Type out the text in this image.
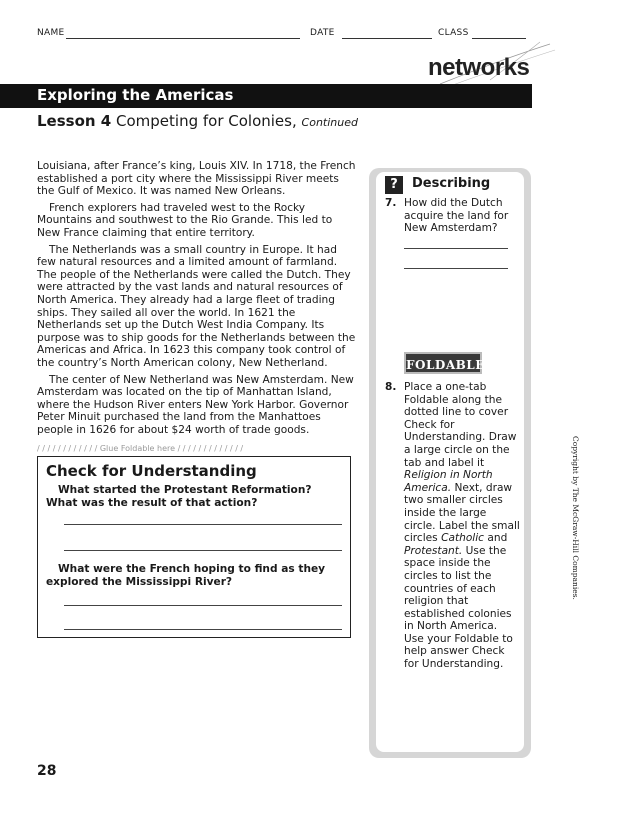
NAME	DATE	CLASS
networks
Exploring the Americas
Lesson 4 Competing for Colonies, Continued

Louisiana, after France’s king, Louis XIV. In 1718, the French established a port city where the Mississippi River meets the Gulf of Mexico. It was named New Orleans.

French explorers had traveled west to the Rocky Mountains and southwest to the Rio Grande. This led to New France claiming that entire territory.

The Netherlands was a small country in Europe. It had few natural resources and a limited amount of farmland. The people of the Netherlands were called the Dutch. They were attracted by the vast lands and natural resources of North America. They already had a large fleet of trading ships. They sailed all over the world. In 1621 the Netherlands set up the Dutch West India Company. Its purpose was to ship goods for the Netherlands between the Americas and Africa. In 1623 this company took control of the country’s North American colony, New Netherland.

The center of New Netherland was New Amsterdam. New Amsterdam was located on the tip of Manhattan Island, where the Hudson River enters New York Harbor. Governor Peter Minuit purchased the land from the Manhattoes people in 1626 for about $24 worth of trade goods.

/ / / / / / / / / / / / Glue Foldable here / / / / / / / / / / / / /
Check for Understanding
What started the Protestant Reformation? What was the result of that action?
What were the French hoping to find as they explored the Mississippi River?
?	Describing
7. How did the Dutch acquire the land for New Amsterdam?
FOLDABLES
8. Place a one-tab Foldable along the dotted line to cover Check for Understanding. Draw a large circle on the tab and label it Religion in North America. Next, draw two smaller circles inside the large circle. Label the small circles Catholic and Protestant. Use the space inside the circles to list the countries of each religion that established colonies in North America. Use your Foldable to help answer Check for Understanding.
Copyright by The McGraw-Hill Companies.
28
